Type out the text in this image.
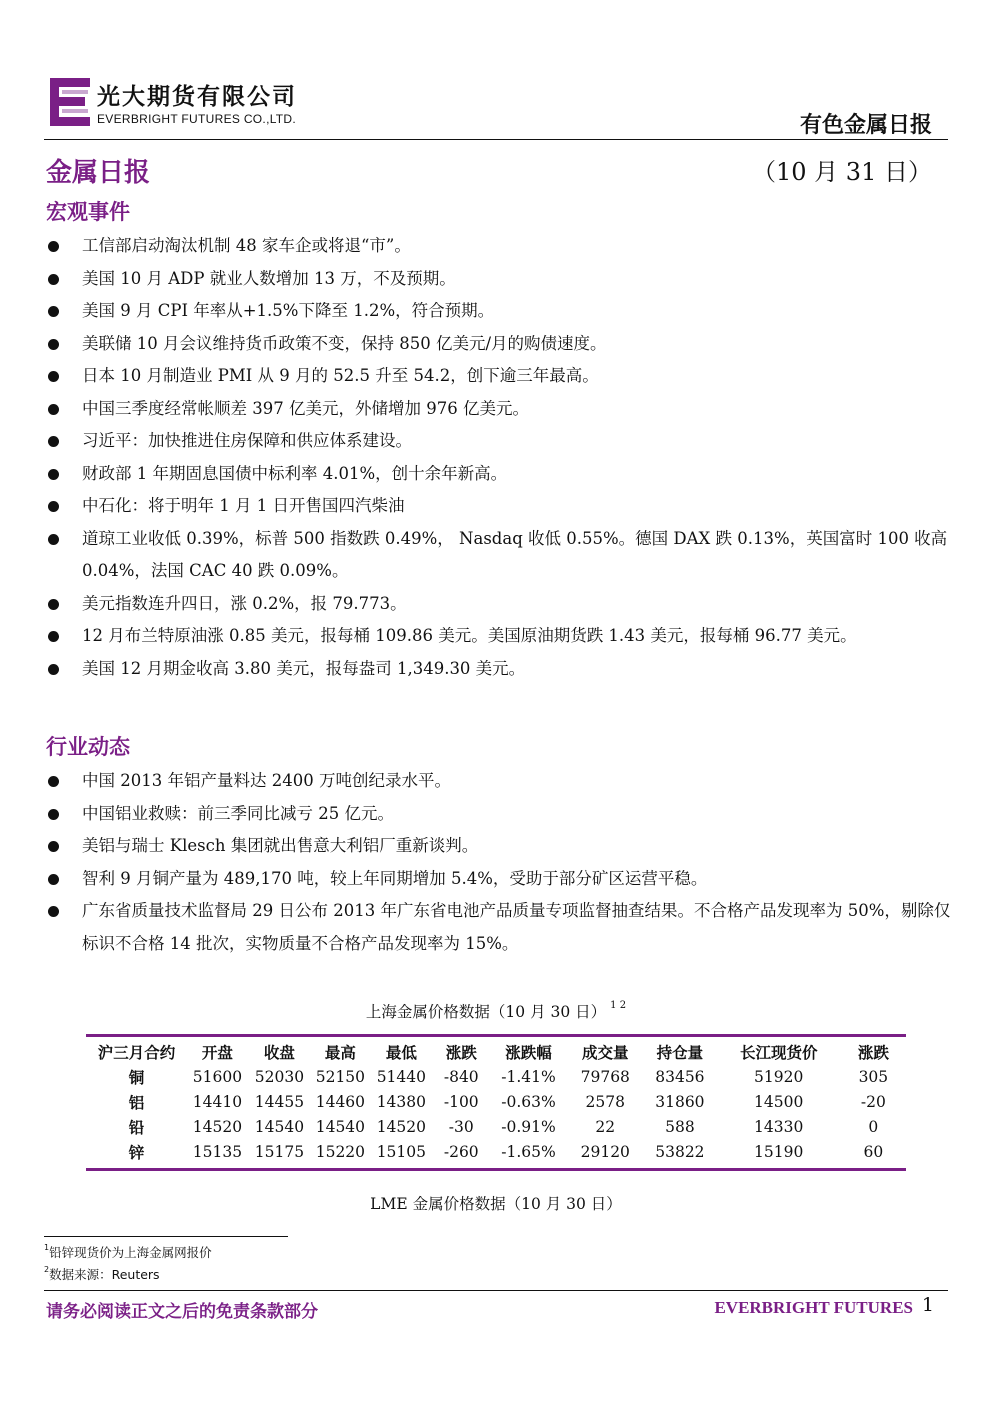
光大期货有限公司
EVERBRIGHT FUTURES CO.,LTD.	有色金属日报
金属日报	（10 月 31 日）
宏观事件
工信部启动淘汰机制 48 家车企或将退“市”。
美国 10 月 ADP 就业人数增加 13 万，不及预期。
美国 9 月 CPI 年率从+1.5%下降至 1.2%，符合预期。
美联储 10 月会议维持货币政策不变，保持 850 亿美元/月的购债速度。
日本 10 月制造业 PMI 从 9 月的 52.5 升至 54.2，创下逾三年最高。
中国三季度经常帐顺差 397 亿美元，外储增加 976 亿美元。
习近平：加快推进住房保障和供应体系建设。
财政部 1 年期固息国债中标利率 4.01%，创十余年新高。
中石化：将于明年 1 月 1 日开售国四汽柴油
道琼工业收低 0.39%，标普 500 指数跌 0.49%， Nasdaq 收低 0.55%。德国 DAX 跌 0.13%，英国富时 100 收高 0.04%，法国 CAC 40 跌 0.09%。
美元指数连升四日，涨 0.2%，报 79.773。
12 月布兰特原油涨 0.85 美元，报每桶 109.86 美元。美国原油期货跌 1.43 美元，报每桶 96.77 美元。
美国 12 月期金收高 3.80 美元，报每盎司 1,349.30 美元。
行业动态
中国 2013 年铝产量料达 2400 万吨创纪录水平。
中国铝业救赎：前三季同比减亏 25 亿元。
美铝与瑞士 Klesch 集团就出售意大利铝厂重新谈判。
智利 9 月铜产量为 489,170 吨，较上年同期增加 5.4%，受助于部分矿区运营平稳。
广东省质量技术监督局 29 日公布 2013 年广东省电池产品质量专项监督抽查结果。不合格产品发现率为 50%，剔除仅标识不合格 14 批次，实物质量不合格产品发现率为 15%。
上海金属价格数据（10 月 30 日） $^{1 2}$
沪三月合约	开盘	收盘	最高	最低	涨跌	涨跌幅	成交量	持仓量	长江现货价	涨跌
铜	51600	52030	52150	51440	-840	-1.41%	79768	83456	51920	305
铝	14410	14455	14460	14380	-100	-0.63%	2578	31860	14500	-20
铅	14520	14540	14540	14520	-30	-0.91%	22	588	14330	0
锌	15135	15175	15220	15105	-260	-1.65%	29120	53822	15190	60
LME 金属价格数据（10 月 30 日）
$^1$铅锌现货价为上海金属网报价
$^2$数据来源：Reuters
请务必阅读正文之后的免责条款部分	EVERBRIGHT FUTURES 1
